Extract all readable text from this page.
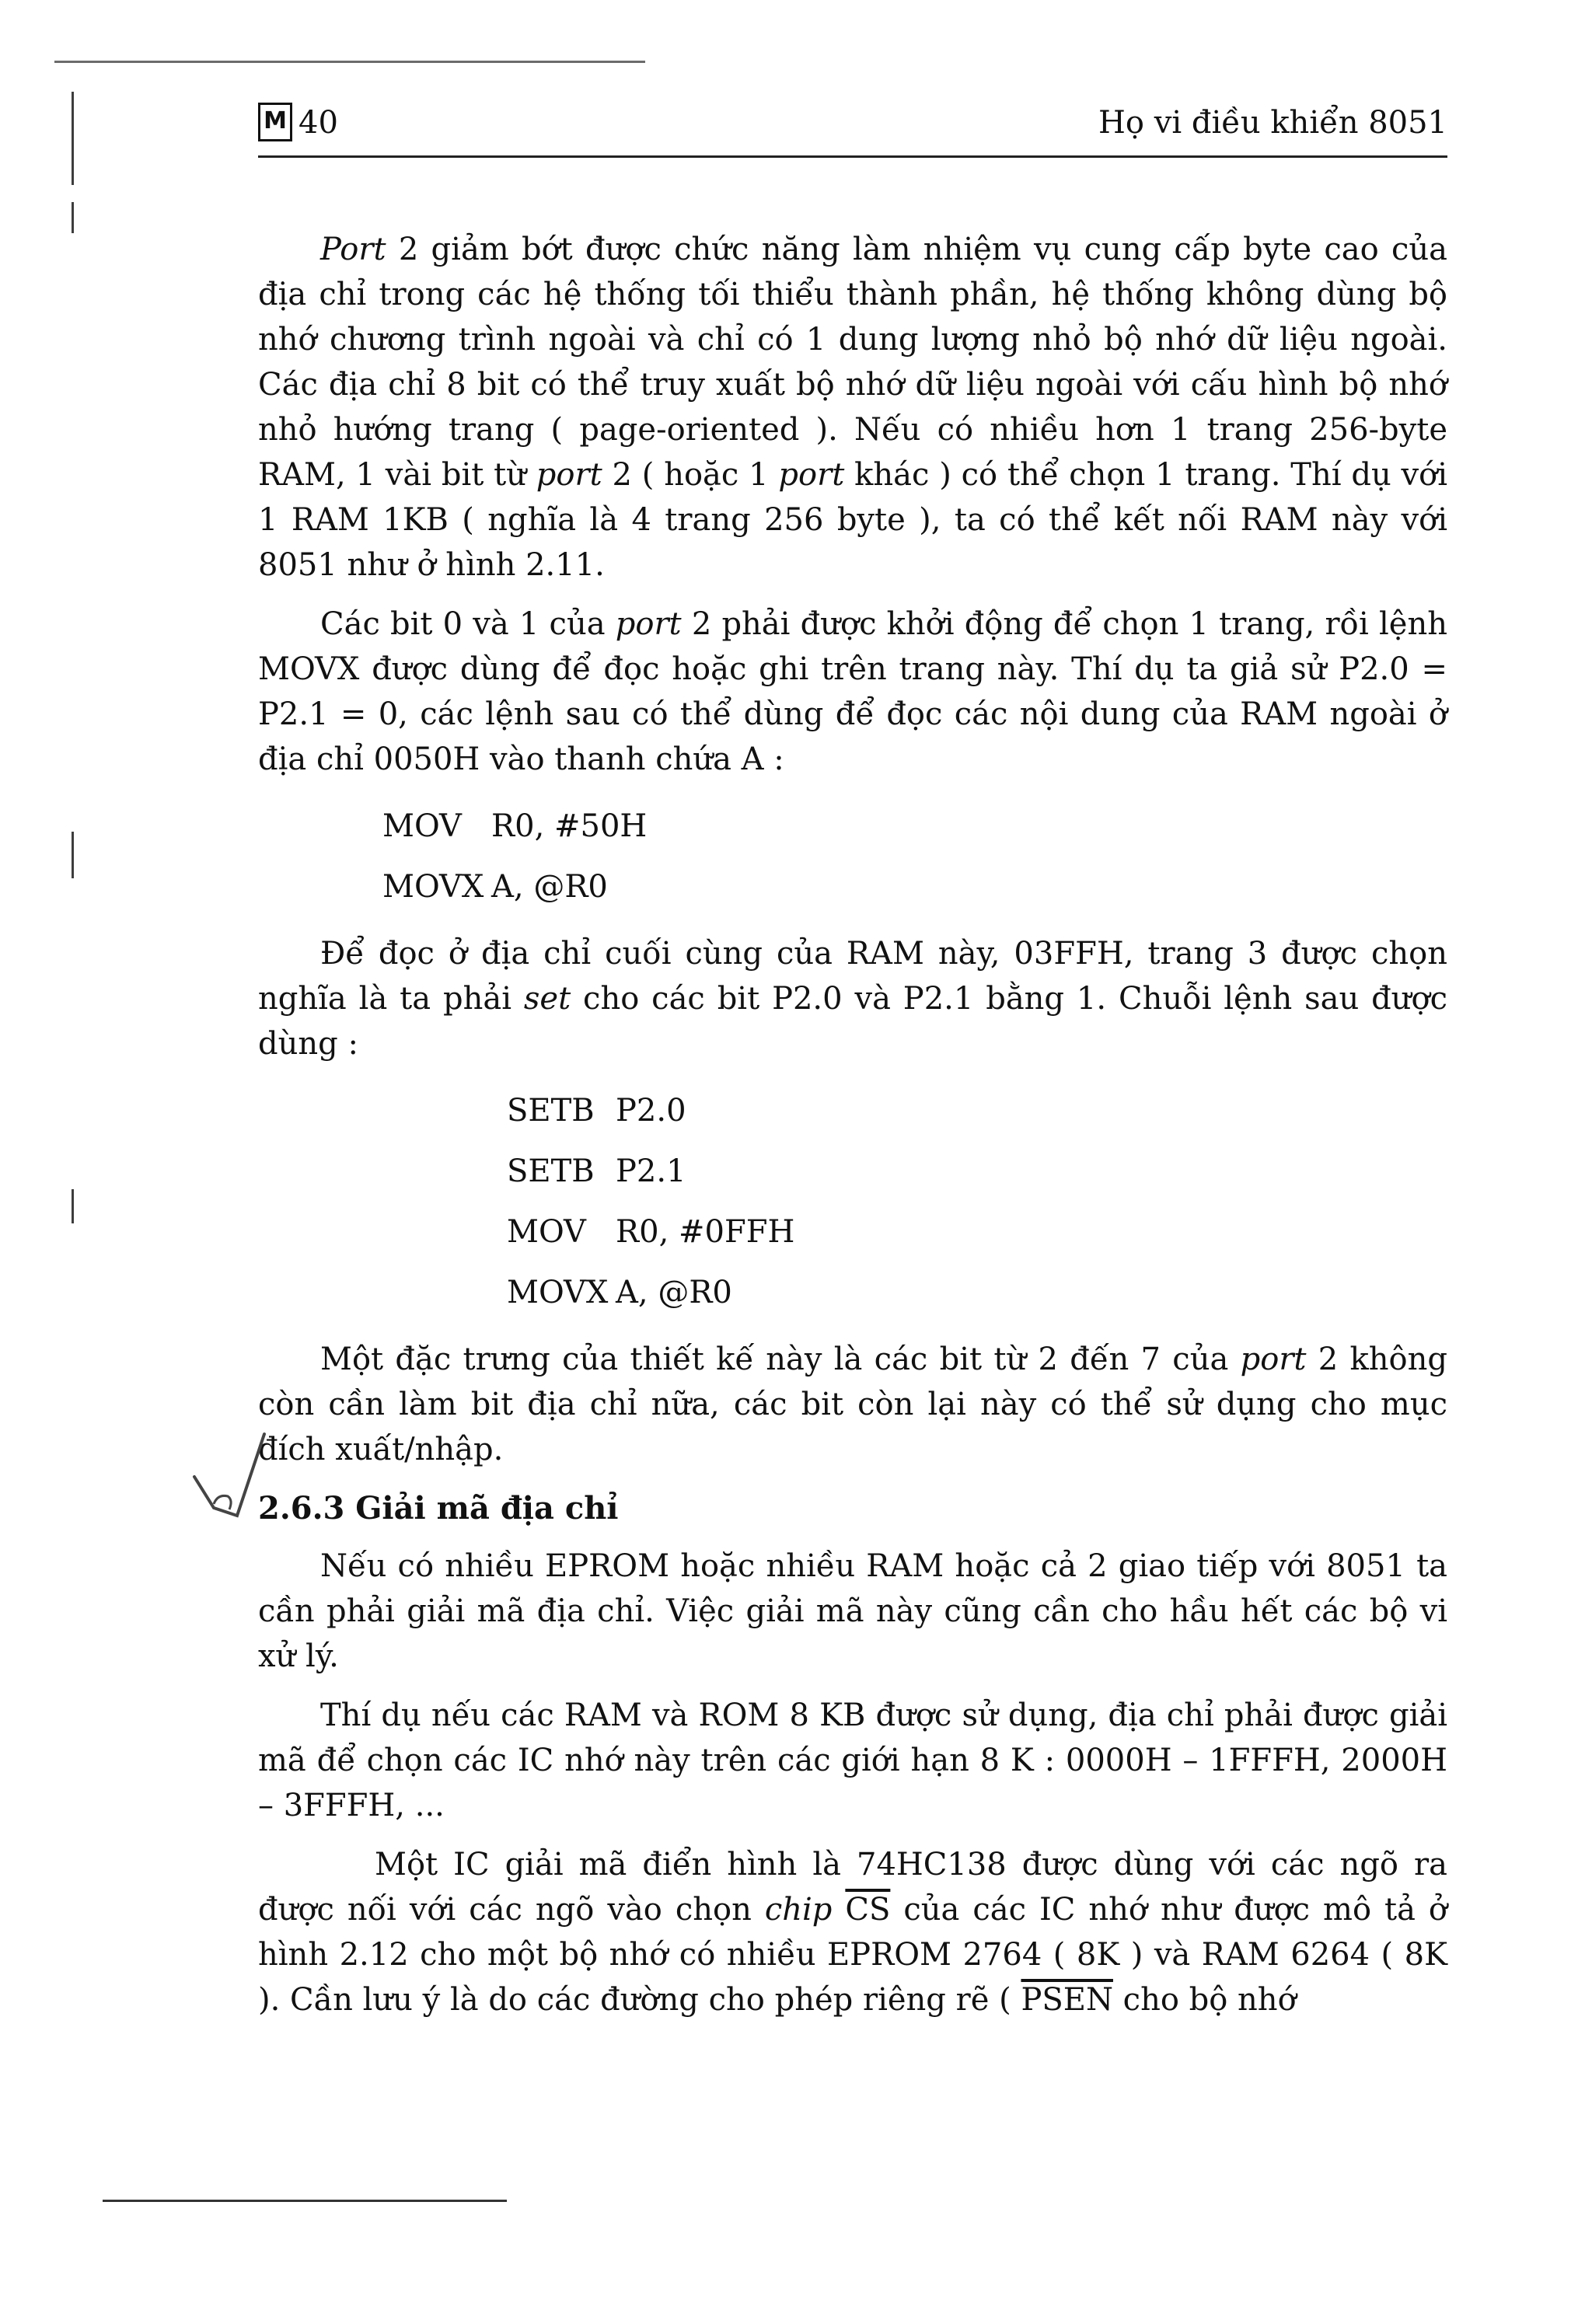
M 40	Họ vi điều khiển 8051

Port 2 giảm bớt được chức năng làm nhiệm vụ cung cấp byte cao của địa chỉ trong các hệ thống tối thiểu thành phần, hệ thống không dùng bộ nhớ chương trình ngoài và chỉ có 1 dung lượng nhỏ bộ nhớ dữ liệu ngoài. Các địa chỉ 8 bit có thể truy xuất bộ nhớ dữ liệu ngoài với cấu hình bộ nhớ nhỏ hướng trang ( page-oriented ). Nếu có nhiều hơn 1 trang 256-byte RAM, 1 vài bit từ port 2 ( hoặc 1 port khác ) có thể chọn 1 trang. Thí dụ với 1 RAM 1KB ( nghĩa là 4 trang 256 byte ), ta có thể kết nối RAM này với 8051 như ở hình 2.11.

Các bit 0 và 1 của port 2 phải được khởi động để chọn 1 trang, rồi lệnh MOVX được dùng để đọc hoặc ghi trên trang này. Thí dụ ta giả sử P2.0 = P2.1 = 0, các lệnh sau có thể dùng để đọc các nội dung của RAM ngoài ở địa chỉ 0050H vào thanh chứa A :

MOV R0, #50H
MOVX A, @R0

Để đọc ở địa chỉ cuối cùng của RAM này, 03FFH, trang 3 được chọn nghĩa là ta phải set cho các bit P2.0 và P2.1 bằng 1. Chuỗi lệnh sau được dùng :

SETB P2.0
SETB P2.1
MOV R0, #0FFH
MOVX A, @R0

Một đặc trưng của thiết kế này là các bit từ 2 đến 7 của port 2 không còn cần làm bit địa chỉ nữa, các bit còn lại này có thể sử dụng cho mục đích xuất/nhập.

2.6.3 Giải mã địa chỉ

Nếu có nhiều EPROM hoặc nhiều RAM hoặc cả 2 giao tiếp với 8051 ta cần phải giải mã địa chỉ. Việc giải mã này cũng cần cho hầu hết các bộ vi xử lý.

Thí dụ nếu các RAM và ROM 8 KB được sử dụng, địa chỉ phải được giải mã để chọn các IC nhớ này trên các giới hạn 8 K : 0000H – 1FFFH, 2000H – 3FFFH, ...

Một IC giải mã điển hình là 74HC138 được dùng với các ngõ ra được nối với các ngõ vào chọn chip $\overline{CS}$ của các IC nhớ như được mô tả ở hình 2.12 cho một bộ nhớ có nhiều EPROM 2764 ( 8K ) và RAM 6264 ( 8K ). Cần lưu ý là do các đường cho phép riêng rẽ ( PSEN cho bộ nhớ
